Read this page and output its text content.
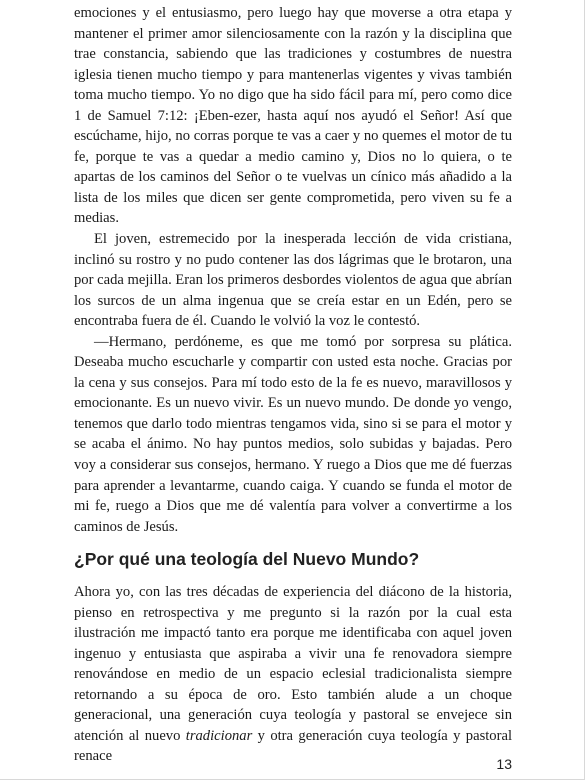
emociones y el entusiasmo, pero luego hay que moverse a otra etapa y mantener el primer amor silenciosamente con la razón y la disciplina que trae constancia, sabiendo que las tradiciones y costumbres de nuestra iglesia tienen mucho tiempo y para mantenerlas vigentes y vivas también toma mucho tiempo. Yo no digo que ha sido fácil para mí, pero como dice 1 de Samuel 7:12: ¡Eben-ezer, hasta aquí nos ayudó el Señor! Así que escúchame, hijo, no corras porque te vas a caer y no quemes el motor de tu fe, porque te vas a quedar a medio camino y, Dios no lo quiera, o te apartas de los caminos del Señor o te vuelvas un cínico más añadido a la lista de los miles que dicen ser gente comprometida, pero viven su fe a medias.

El joven, estremecido por la inesperada lección de vida cristiana, inclinó su rostro y no pudo contener las dos lágrimas que le brotaron, una por cada mejilla. Eran los primeros desbordes violentos de agua que abrían los surcos de un alma ingenua que se creía estar en un Edén, pero se encontraba fuera de él. Cuando le volvió la voz le contestó.

—Hermano, perdóneme, es que me tomó por sorpresa su plática. Deseaba mucho escucharle y compartir con usted esta noche. Gracias por la cena y sus consejos. Para mí todo esto de la fe es nuevo, maravillosos y emocionante. Es un nuevo vivir. Es un nuevo mundo. De donde yo vengo, tenemos que darlo todo mientras tengamos vida, sino si se para el motor y se acaba el ánimo. No hay puntos medios, solo subidas y bajadas. Pero voy a considerar sus consejos, hermano. Y ruego a Dios que me dé fuerzas para aprender a levantarme, cuando caiga. Y cuando se funda el motor de mi fe, ruego a Dios que me dé valentía para volver a convertirme a los caminos de Jesús.

¿Por qué una teología del Nuevo Mundo?

Ahora yo, con las tres décadas de experiencia del diácono de la historia, pienso en retrospectiva y me pregunto si la razón por la cual esta ilustración me impactó tanto era porque me identificaba con aquel joven ingenuo y entusiasta que aspiraba a vivir una fe renovadora siempre renovándose en medio de un espacio eclesial tradicionalista siempre retornando a su época de oro. Esto también alude a un choque generacional, una generación cuya teología y pastoral se envejece sin atención al nuevo tradicionar y otra generación cuya teología y pastoral renace	13
